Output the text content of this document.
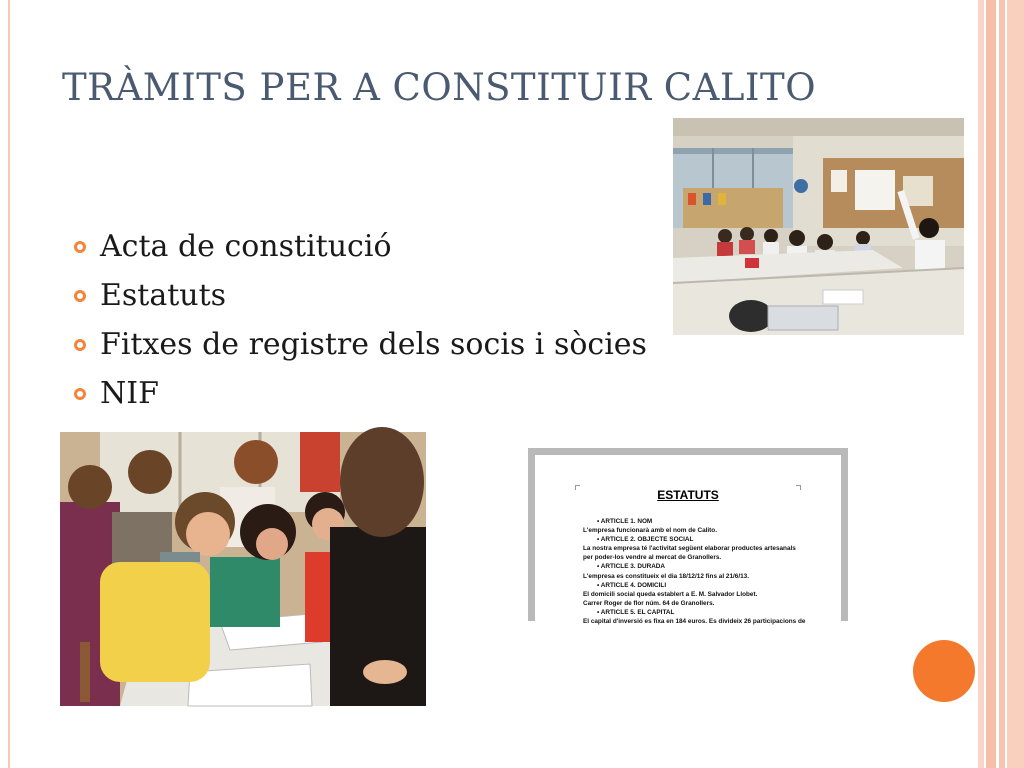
TRÀMITS PER A CONSTITUIR CALITO
Acta de constitució
Estatuts
Fitxes de registre dels socis i sòcies
NIF
ESTATUTS
• ARTICLE 1. NOM
L'empresa funcionarà amb el nom de Calito.
• ARTICLE 2. OBJECTE SOCIAL
La nostra empresa té l'activitat següent elaborar productes artesanals
per poder-los vendre al mercat de Granollers.
• ARTICLE 3. DURADA
L'empresa es constitueix el dia 18/12/12 fins al 21/6/13.
• ARTICLE 4. DOMICILI
El domicili social queda establert a E. M. Salvador Llobet.
Carrer Roger de flor núm. 64 de Granollers.
• ARTICLE 5. EL CAPITAL
El capital d'inversió es fixa en 184 euros. Es divideix 26 participacions de
